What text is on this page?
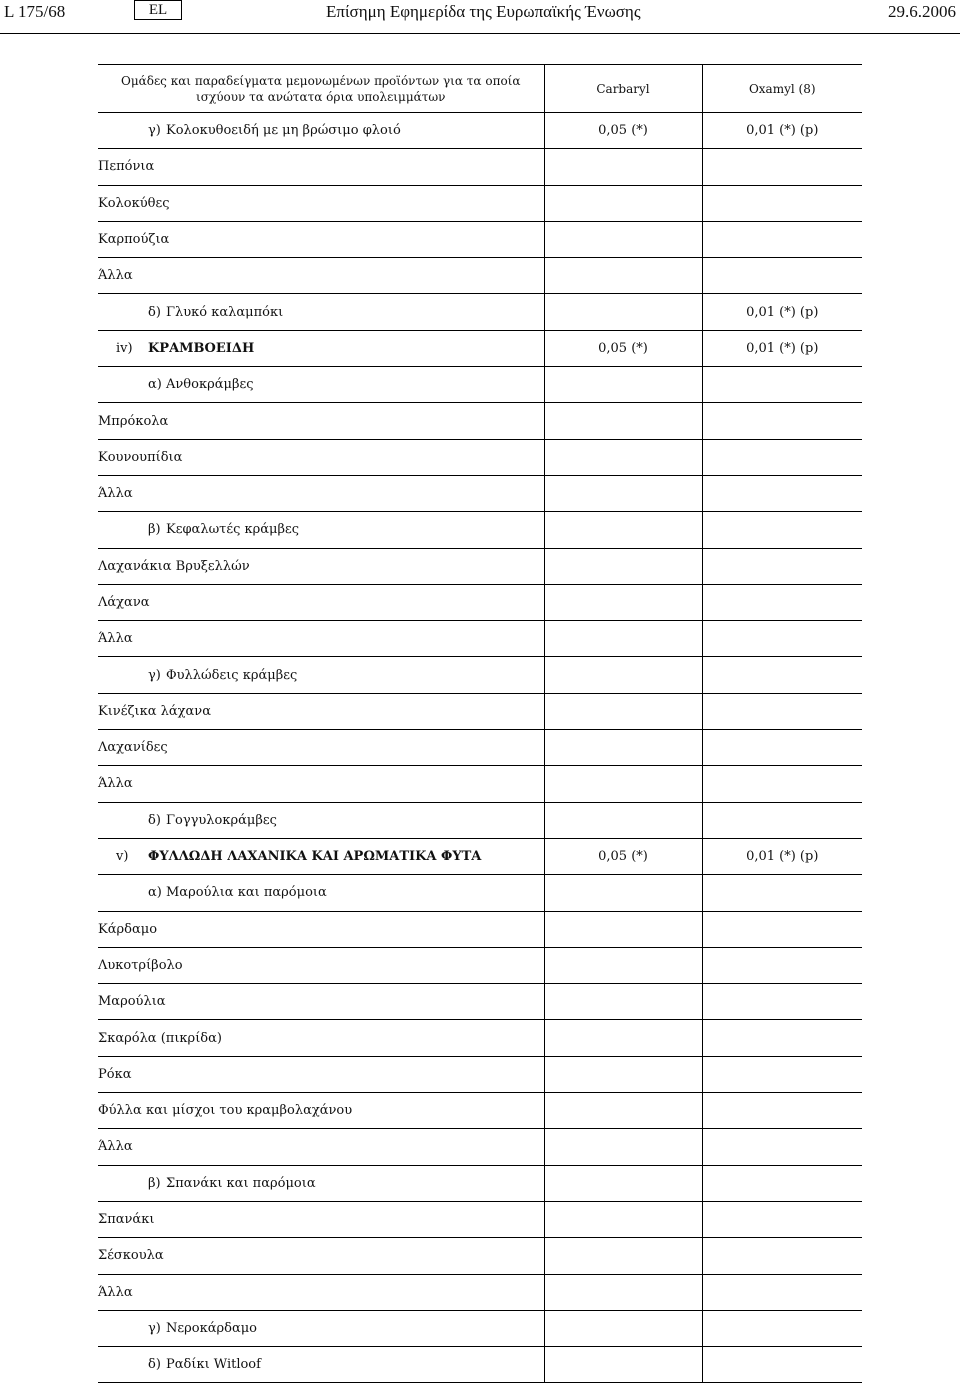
L 175/68	EL	Επίσημη Εφημερίδα της Ευρωπαϊκής Ένωσης	29.6.2006
Ομάδες και παραδείγματα μεμονωμένων προϊόντων για τα οποία ισχύουν τα ανώτατα όρια υπολειμμάτων	Carbaryl	Oxamyl (8)
γ) Κολοκυθοειδή με μη βρώσιμο φλοιό	0,05 (*)	0,01 (*) (p)
Πεπόνια		
Κολοκύθες		
Καρπούζια		
Άλλα		
δ) Γλυκό καλαμπόκι		0,01 (*) (p)
iv) ΚΡΑΜΒΟΕΙΔΗ	0,05 (*)	0,01 (*) (p)
α) Ανθοκράμβες		
Μπρόκολα		
Κουνουπίδια		
Άλλα		
β) Κεφαλωτές κράμβες		
Λαχανάκια Βρυξελλών		
Λάχανα		
Άλλα		
γ) Φυλλώδεις κράμβες		
Κινέζικα λάχανα		
Λαχανίδες		
Άλλα		
δ) Γογγυλοκράμβες		
v) ΦΥΛΛΩΔΗ ΛΑΧΑΝΙΚΑ ΚΑΙ ΑΡΩΜΑΤΙΚΑ ΦΥΤΑ	0,05 (*)	0,01 (*) (p)
α) Μαρούλια και παρόμοια		
Κάρδαμο		
Λυκοτρίβολο		
Μαρούλια		
Σκαρόλα (πικρίδα)		
Ρόκα		
Φύλλα και μίσχοι του κραμβολαχάνου		
Άλλα		
β) Σπανάκι και παρόμοια		
Σπανάκι		
Σέσκουλα		
Άλλα		
γ) Νεροκάρδαμο		
δ) Ραδίκι Witloof		
